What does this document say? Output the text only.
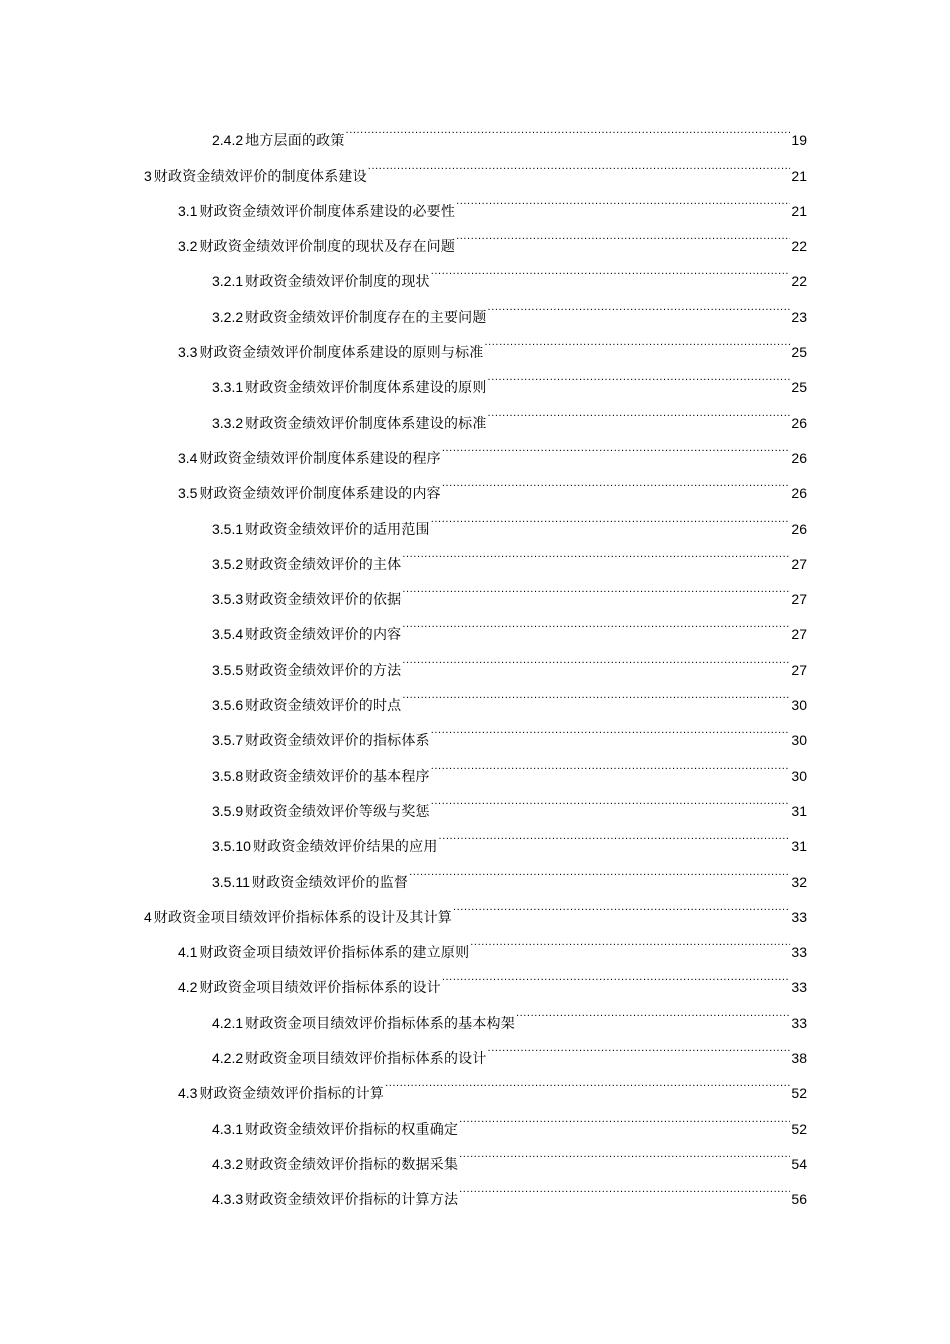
2.4.2 地方层面的政策 .....	19
3 财政资金绩效评价的制度体系建设 .....	21
3.1 财政资金绩效评价制度体系建设的必要性 .....	21
3.2 财政资金绩效评价制度的现状及存在问题 .....	22
3.2.1 财政资金绩效评价制度的现状 .....	22
3.2.2 财政资金绩效评价制度存在的主要问题 .....	23
3.3 财政资金绩效评价制度体系建设的原则与标准 .....	25
3.3.1 财政资金绩效评价制度体系建设的原则 .....	25
3.3.2 财政资金绩效评价制度体系建设的标准 .....	26
3.4 财政资金绩效评价制度体系建设的程序 .....	26
3.5 财政资金绩效评价制度体系建设的内容 .....	26
3.5.1 财政资金绩效评价的适用范围 .....	26
3.5.2 财政资金绩效评价的主体 .....	27
3.5.3 财政资金绩效评价的依据 .....	27
3.5.4 财政资金绩效评价的内容 .....	27
3.5.5 财政资金绩效评价的方法 .....	27
3.5.6 财政资金绩效评价的时点 .....	30
3.5.7 财政资金绩效评价的指标体系 .....	30
3.5.8 财政资金绩效评价的基本程序 .....	30
3.5.9 财政资金绩效评价等级与奖惩 .....	31
3.5.10 财政资金绩效评价结果的应用 .....	31
3.5.11 财政资金绩效评价的监督 .....	32
4 财政资金项目绩效评价指标体系的设计及其计算 .....	33
4.1 财政资金项目绩效评价指标体系的建立原则 .....	33
4.2 财政资金项目绩效评价指标体系的设计 .....	33
4.2.1 财政资金项目绩效评价指标体系的基本构架 .....	33
4.2.2 财政资金项目绩效评价指标体系的设计 .....	38
4.3 财政资金绩效评价指标的计算 .....	52
4.3.1 财政资金绩效评价指标的权重确定 .....	52
4.3.2 财政资金绩效评价指标的数据采集 .....	54
4.3.3 财政资金绩效评价指标的计算方法 .....	56
